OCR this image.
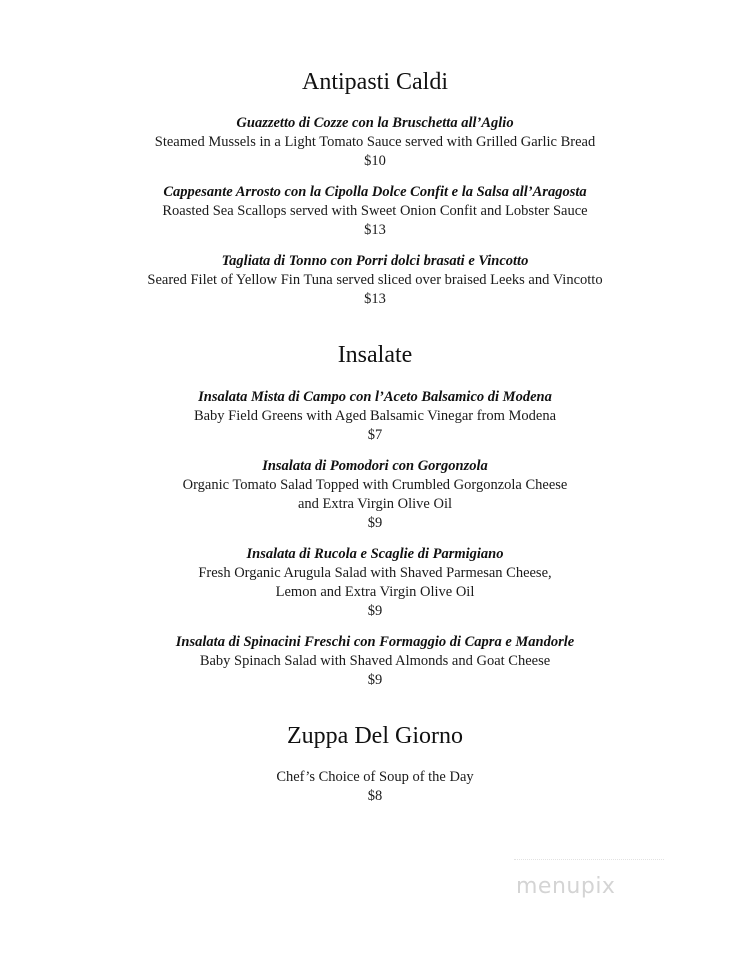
Antipasti Caldi
Guazzetto di Cozze con la Bruschetta all’Aglio
Steamed Mussels in a Light Tomato Sauce served with Grilled Garlic Bread
$10
Cappesante Arrosto con la Cipolla Dolce Confit e la Salsa all’Aragosta
Roasted Sea Scallops served with Sweet Onion Confit and Lobster Sauce
$13
Tagliata di Tonno con Porri dolci brasati e Vincotto
Seared Filet of Yellow Fin Tuna served sliced over braised Leeks and Vincotto
$13
Insalate
Insalata Mista di Campo con l’Aceto Balsamico di Modena
Baby Field Greens with Aged Balsamic Vinegar from Modena
$7
Insalata di Pomodori con Gorgonzola
Organic Tomato Salad Topped with Crumbled Gorgonzola Cheese
and Extra Virgin Olive Oil
$9
Insalata di Rucola e Scaglie di Parmigiano
Fresh Organic Arugula Salad with Shaved Parmesan Cheese,
Lemon and Extra Virgin Olive Oil
$9
Insalata di Spinacini Freschi con Formaggio di Capra e Mandorle
Baby Spinach Salad with Shaved Almonds and Goat Cheese
$9
Zuppa Del Giorno
Chef’s Choice of Soup of the Day
$8
menupix
